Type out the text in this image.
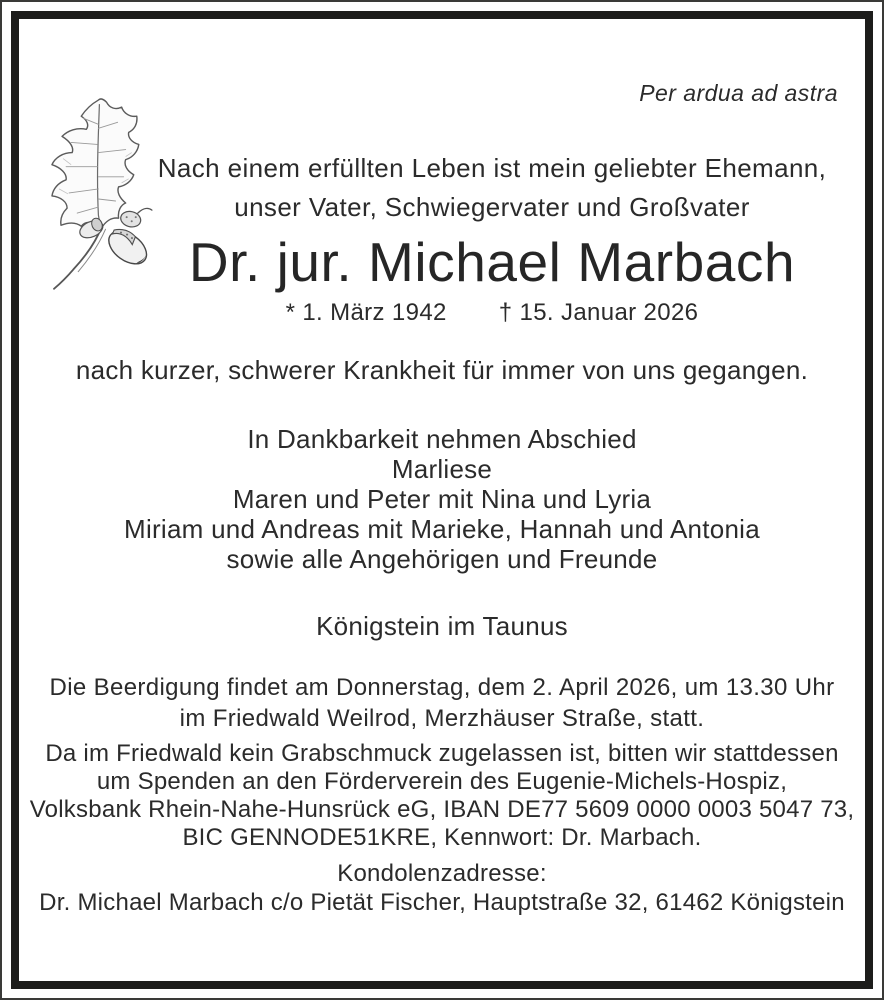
Per ardua ad astra
Nach einem erfüllten Leben ist mein geliebter Ehemann,
unser Vater, Schwiegervater und Großvater
Dr. jur. Michael Marbach
* 1. März 1942 † 15. Januar 2026
nach kurzer, schwerer Krankheit für immer von uns gegangen.
In Dankbarkeit nehmen Abschied
Marliese
Maren und Peter mit Nina und Lyria
Miriam und Andreas mit Marieke, Hannah und Antonia
sowie alle Angehörigen und Freunde
Königstein im Taunus
Die Beerdigung findet am Donnerstag, dem 2. April 2026, um 13.30 Uhr
im Friedwald Weilrod, Merzhäuser Straße, statt.
Da im Friedwald kein Grabschmuck zugelassen ist, bitten wir stattdessen
um Spenden an den Förderverein des Eugenie-Michels-Hospiz,
Volksbank Rhein-Nahe-Hunsrück eG, IBAN DE77 5609 0000 0003 5047 73,
BIC GENNODE51KRE, Kennwort: Dr. Marbach.
Kondolenzadresse:
Dr. Michael Marbach c/o Pietät Fischer, Hauptstraße 32, 61462 Königstein
